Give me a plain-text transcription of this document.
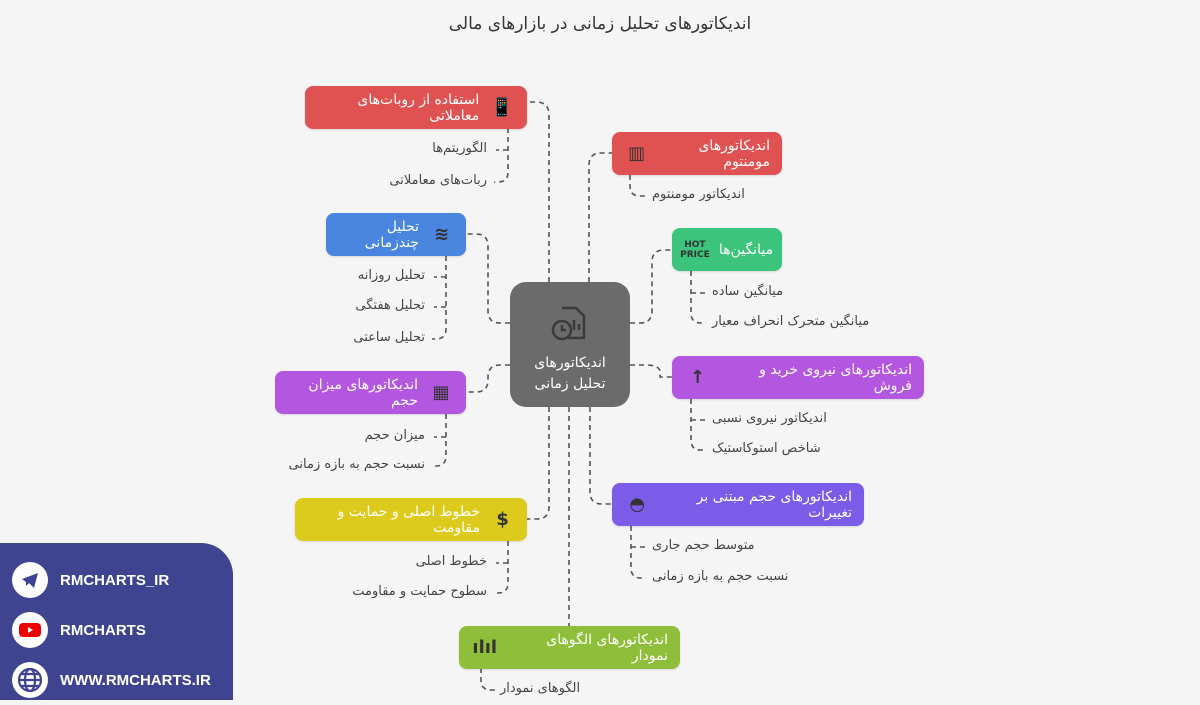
اندیکاتورهای تحلیل زمانی در بازارهای مالی
اندیکاتورهای
تحلیل زمانی
📱
استفاده از روبات‌های معاملاتی
الگوریتم‌ها
ربات‌های معاملاتی
≋
تحلیل چندزمانی
تحلیل روزانه
تحلیل هفتگی
تحلیل ساعتی
▦
اندیکاتورهای میزان حجم
میزان حجم
نسبت حجم به بازه زمانی
$
خطوط اصلی و حمایت و مقاومت
خطوط اصلی
سطوح حمایت و مقاومت
اندیکاتورهای الگوهای نمودار
ılıl
الگوهای نمودار
اندیکاتورهای مومنتوم
▥
اندیکاتور مومنتوم
میانگین‌ها
HOT PRICE
میانگین ساده
میانگین متحرک انحراف معیار
اندیکاتورهای نیروی خرید و فروش
↑
اندیکاتور نیروی نسبی
شاخص استوکاستیک
اندیکاتورهای حجم مبتنی بر تغییرات
◓
متوسط حجم جاری
نسبت حجم به بازه زمانی
RMCHARTS_IR
RMCHARTS
WWW.RMCHARTS.IR
